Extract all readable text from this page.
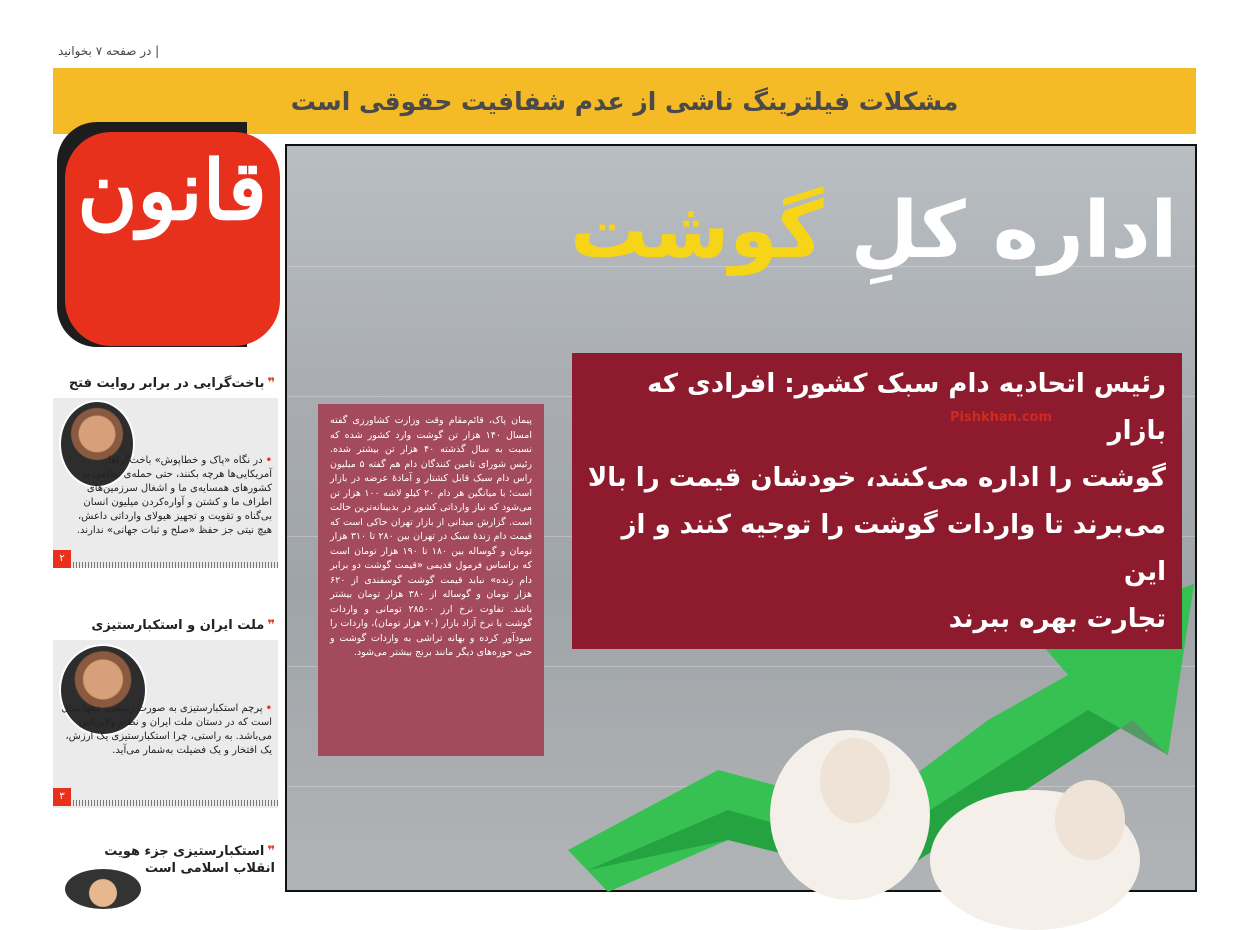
| در صفحه ۷ بخوانید
مشکلات فیلترینگ ناشی از عدم شفافیت حقوقی است
قانون	اداره کلِ گوشت

رئیس اتحادیه دام سبک کشور: افرادی که بازار

گوشت را اداره می‌کنند، خودشان قیمت را بالا

می‌برند تا واردات گوشت را توجیه کنند و از این

تجارت بهره ببرند

Pishkhan.com

پیمان پاک، قائم‌مقام وقت وزارت کشاورزی گفته امسال ۱۴۰ هزار تن گوشت وارد کشور شده که نسبت به سال گذشته ۴۰ هزار تن بیشتر شده. رئیس شورای تامین کنندگان دام هم گفته ۵ میلیون راس دام سبک قابل کشتار و آمادهٔ عرضه در بازار است؛ با میانگین هر دام ۲۰ کیلو لاشه ۱۰۰ هزار تن می‌شود که نیاز وارداتی کشور در بدبینانه‌ترین حالت است. گزارش میدانی از بازار تهران حاکی است که قیمت دام زندهٔ سبک در تهران بین ۲۸۰ تا ۳۱۰ هزار تومان و گوساله بین ۱۸۰ تا ۱۹۰ هزار تومان است که براساس فرمول قدیمی «قیمت گوشت دو برابر دام زنده» نباید قیمت گوشت گوسفندی از ۶۲۰ هزار تومان و گوساله از ۳۸۰ هزار تومان بیشتر باشد. تفاوت نرخ ارز ۲۸۵۰۰ تومانی و واردات گوشت با نرخ آزاد بازار (۷۰ هزار تومان)، واردات را سودآور کرده و بهانه تراشی به واردات گوشت و حتی حوزه‌های دیگر مانند برنج بیشتر می‌شود.

❞باخت‌گرایی در برابر روایت فتح
•در نگاه «پاک و خطاپوش» باخت‌گراها، آمریکایی‌ها هرچه بکنند، حتی حمله‌ی نظامی به کشورهای همسایه‌ی ما و اشغال سرزمین‌های اطراف ما و کشتن و آواره‌کردن میلیون انسان بی‌گناه و تقویت و تجهیز هیولای وارداتی داعش، هیچ نیتی جز حفظ «صلح و ثبات جهانی» ندارند.
۲
❞ملت ایران و استکبارستیزی
•پرچم استکبارستیزی به صورت رسمی، دهها سال است که در دستان ملت ایران و نظام ولایی‌اش می‌باشد. به راستی، چرا استکبارستیزی یک ارزش، یک افتخار و یک فضیلت به‌شمار می‌آید.
۳
❞استکبارستیزی جزء هویت انقلاب اسلامی است
